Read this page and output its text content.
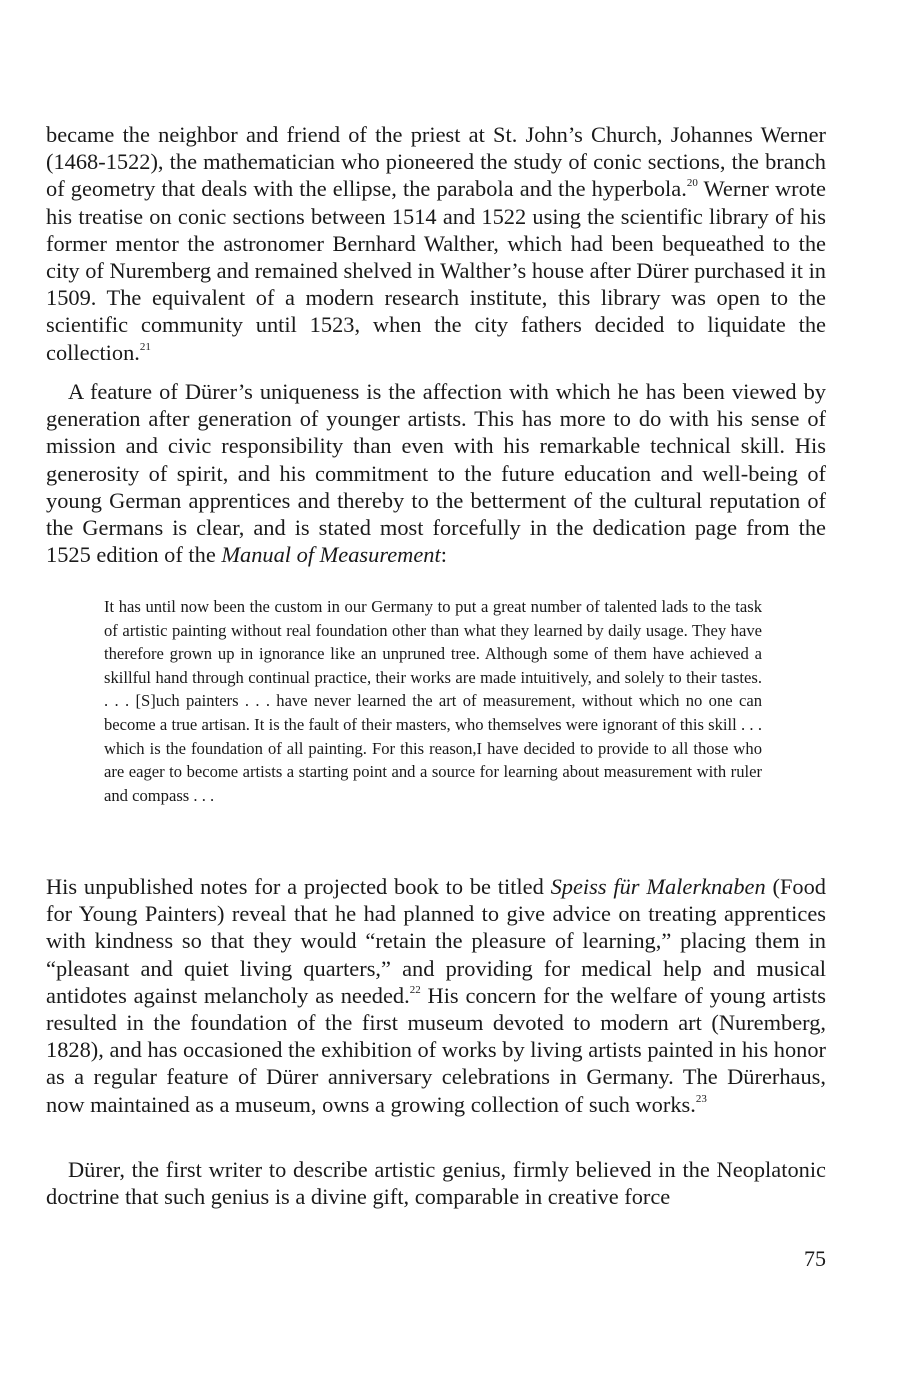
became the neighbor and friend of the priest at St. John’s Church, Johannes Werner (1468-1522), the mathematician who pioneered the study of conic sections, the branch of geometry that deals with the ellipse, the parabola and the hyperbola.$^{20}$ Werner wrote his treatise on conic sections between 1514 and 1522 using the scientific library of his former mentor the astronomer Bernhard Walther, which had been bequeathed to the city of Nuremberg and remained shelved in Walther’s house after Dürer purchased it in 1509. The equivalent of a modern research institute, this library was open to the scientific community until 1523, when the city fathers decided to liquidate the collection.$^{21}$

A feature of Dürer’s uniqueness is the affection with which he has been viewed by generation after generation of younger artists. This has more to do with his sense of mission and civic responsibility than even with his remarkable technical skill. His generosity of spirit, and his commitment to the future education and well-being of young German apprentices and thereby to the betterment of the cultural reputation of the Germans is clear, and is stated most forcefully in the dedication page from the 1525 edition of the Manual of Measurement:

It has until now been the custom in our Germany to put a great number of talented lads to the task of artistic painting without real foundation other than what they learned by daily usage. They have therefore grown up in ignorance like an unpruned tree. Although some of them have achieved a skillful hand through continual practice, their works are made intuitively, and solely to their tastes. . . . [S]uch painters . . . have never learned the art of measurement, without which no one can become a true artisan. It is the fault of their masters, who themselves were ignorant of this skill . . . which is the foundation of all painting. For this reason,I have decided to provide to all those who are eager to become artists a starting point and a source for learning about measurement with ruler and compass . . .

His unpublished notes for a projected book to be titled Speiss für Malerknaben (Food for Young Painters) reveal that he had planned to give advice on treating apprentices with kindness so that they would “retain the pleasure of learning,” placing them in “pleasant and quiet living quarters,” and providing for medical help and musical antidotes against melancholy as needed.$^{22}$ His concern for the welfare of young artists resulted in the foundation of the first museum devoted to modern art (Nuremberg, 1828), and has occasioned the exhibition of works by living artists painted in his honor as a regular feature of Dürer anniversary celebrations in Germany. The Dürerhaus, now maintained as a museum, owns a growing collection of such works.$^{23}$

Dürer, the first writer to describe artistic genius, firmly believed in the Neoplatonic doctrine that such genius is a divine gift, comparable in creative force

75
